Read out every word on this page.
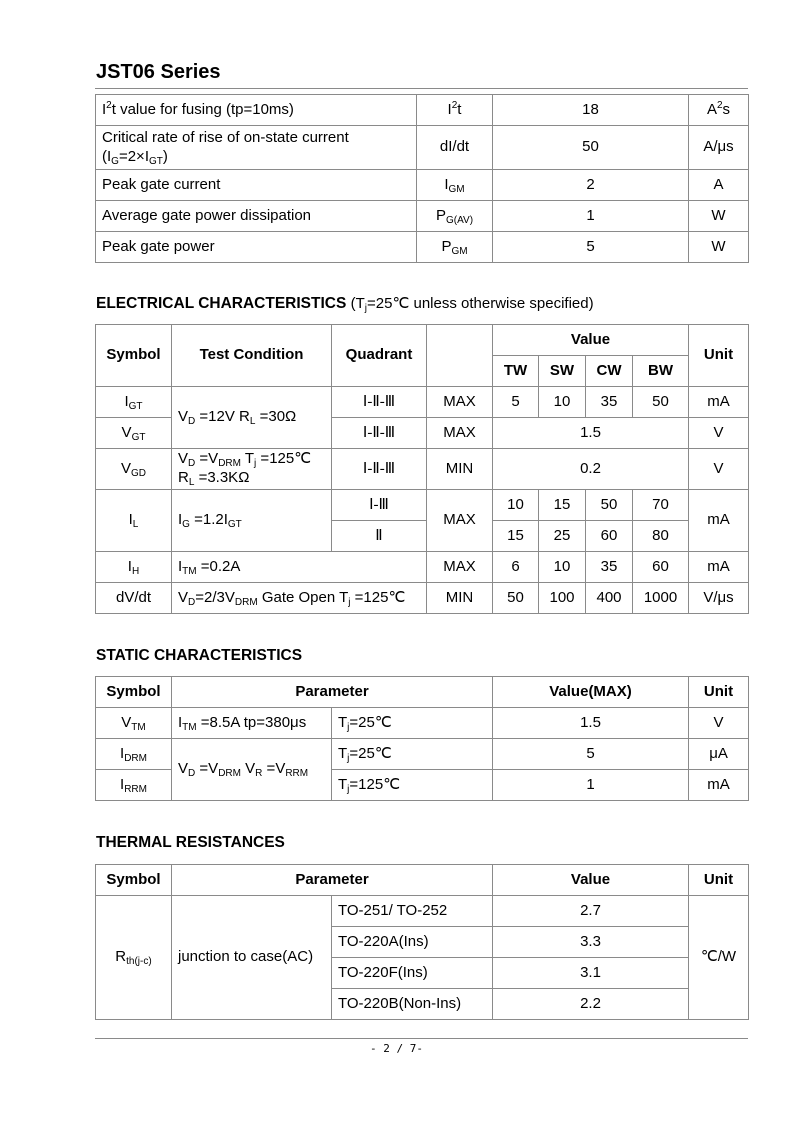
JST06 Series
$I^2t$ value for fusing (tp=10ms)	$I^2t$	18	$A^2s$

Critical rate of rise of on-state current
$(I_G=2\times I_{GT})$	dI/dt	50	A/μs
Peak gate current	$I_{GM}$	2	A
Average gate power dissipation	$P_{G(AV)}$	1	W
Peak gate power	$P_{GM}$	5	W
ELECTRICAL CHARACTERISTICS ($T_j=25℃$ unless otherwise specified)
Symbol	Test Condition	Quadrant		Value				Unit
				TW	SW	CW	BW	
$I_{GT}$	$V_D =12V$ $R_L =30\Omega$	Ⅰ-Ⅱ-Ⅲ	MAX	5	10	35	50	mA
$V_{GT}$		Ⅰ-Ⅱ-Ⅲ	MAX	1.5				V
$V_{GD}$	$V_D =V_{DRM}$ $T_j$ =125℃
$R_L =3.3K\Omega$	Ⅰ-Ⅱ-Ⅲ	MIN	0.2				V
$I_L$	$I_G =1.2I_{GT}$	Ⅰ-Ⅲ	MAX	10	15	50	70	mA
		Ⅱ		15	25	60	80	
$I_H$	$I_{TM} =0.2A$		MAX	6	10	35	60	mA
dV/dt	$V_D=2/3V_{DRM}$ Gate Open $T_j$ =125℃		MIN	50	100	400	1000	V/μs
STATIC CHARACTERISTICS
Symbol	Parameter		Value(MAX)	Unit
$V_{TM}$	$I_{TM} =8.5A$ tp=380μs	$T_j=25℃$	1.5	V
$I_{DRM}$	$V_D =V_{DRM}$ $V_R =V_{RRM}$	$T_j=25℃$	5	μA
$I_{RRM}$		$T_j=125℃$	1	mA
THERMAL RESISTANCES
Symbol	Parameter		Value	Unit
$R_{th(j-c)}$	junction to case(AC)	TO-251/ TO-252	2.7	℃/W
		TO-220A(Ins)	3.3	
		TO-220F(Ins)	3.1	
		TO-220B(Non-Ins)	2.2	
- 2 / 7-
